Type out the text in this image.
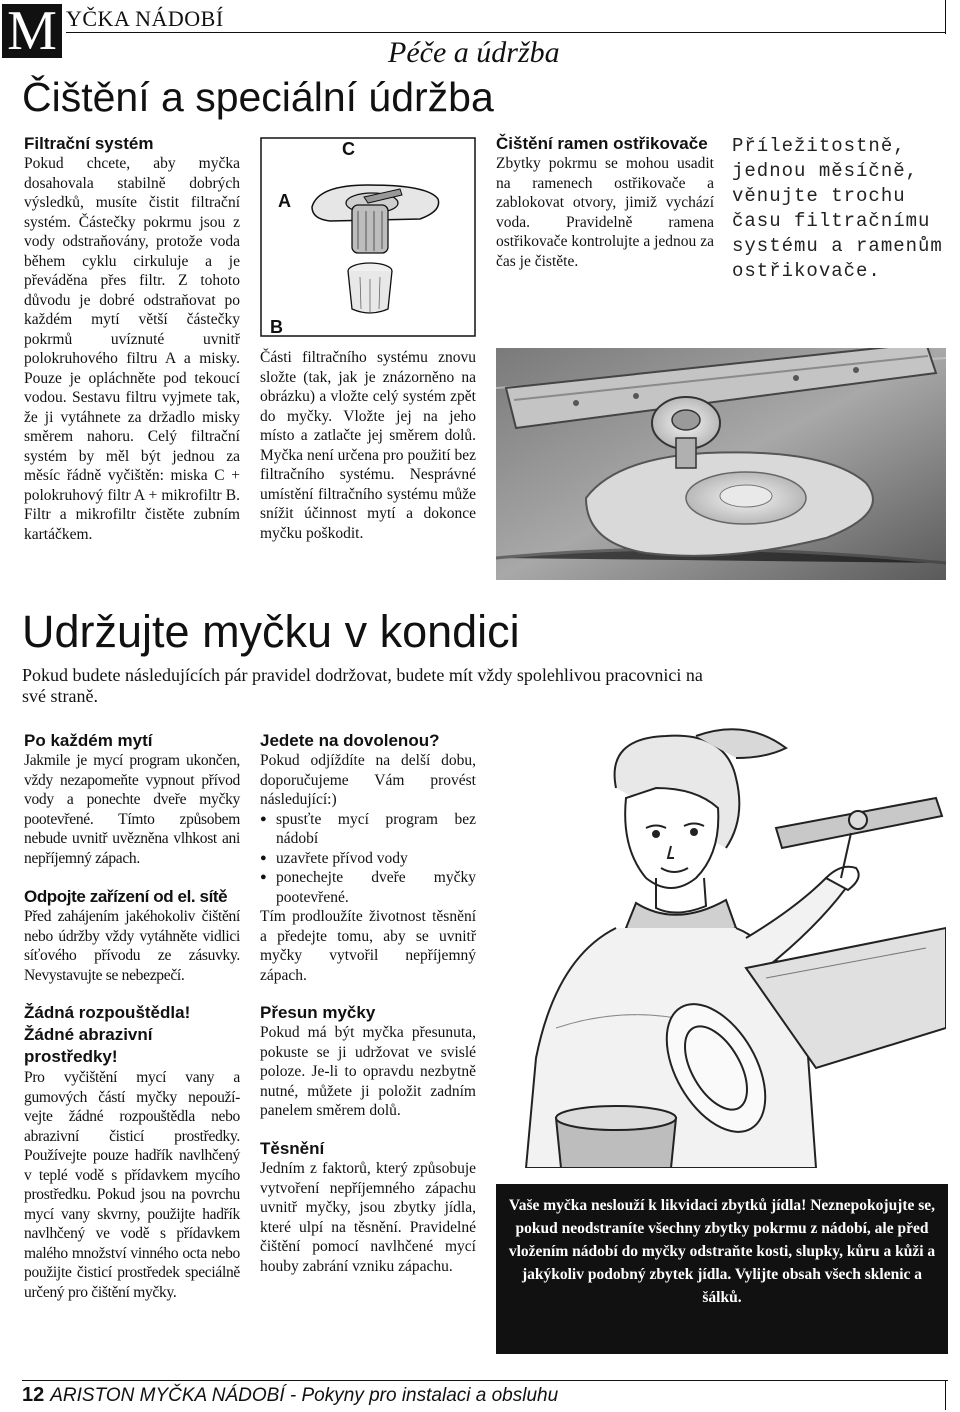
M YČKA NÁDOBÍ
Péče a údržba
Čištění a speciální údržba
Filtrační systém
Pokud chcete, aby myčka dosahovala stabilně dobrých výsledků, musíte čistit filtrační systém. Částečky pokrmu jsou z vody odstraňovány, protože voda během cyklu cirkuluje a je převáděna přes filtr. Z tohoto důvodu je dobré odstraňovat po každém mytí větší částečky pokrmů uvíznuté uvnitř polokruhového filtru A a misky. Pouze je opláchněte pod tekoucí vodou. Sestavu filtru vyjmete tak, že ji vytáhnete za držadlo misky směrem nahoru. Celý filtrační systém by měl být jednou za měsíc řádně vyčištěn: miska C + polokruhový filtr A + mikrofiltr B. Filtr a mikrofiltr čistěte zubním kartáčkem.
C
A
B
Části filtračního systému znovu složte (tak, jak je znázorněno na obrázku) a vložte celý systém zpět do myčky. Vložte jej na jeho místo a zatlačte jej směrem dolů. Myčka není určena pro použití bez filtračního systému. Nesprávné umístění filtračního systému může snížit účinnost mytí a dokonce myčku poškodit.
Čištění ramen ostřikovače
Zbytky pokrmu se mohou usadit na ramenech ostřikovače a zablokovat otvory, jimiž vychází voda. Pravidelně ramena ostřikovače kontrolujte a jednou za čas je čistěte.
Příležitostně, jednou měsíčně, věnujte trochu času filtračnímu systému a ramenům ostřikovače.
Udržujte myčku v kondici
Pokud budete následujících pár pravidel dodržovat, budete mít vždy spolehlivou pracovnici na své straně.
Po každém mytí
Jakmile je mycí program ukončen, vždy nezapomeňte vypnout přívod vody a ponechte dveře myčky pootevřené. Tímto způsobem nebude uvnitř uvězněna vlhkost ani nepříjemný zápach.
Odpojte zařízení od el. sítě
Před zahájením jakéhokoliv čištění nebo údržby vždy vytáhněte vidlici síťového přívodu ze zásuvky. Nevystavujte se nebezpečí.
Žádná rozpouštědla! Žádné abrazivní prostředky!
Pro vyčištění mycí vany a gumových částí myčky nepouží-vejte žádné rozpouštědla nebo abrazivní čisticí prostředky. Používejte pouze hadřík navlhčený v teplé vodě s přídavkem mycího prostředku. Pokud jsou na povrchu mycí vany skvrny, použijte hadřík navlhčený ve vodě s přídavkem malého množství vinného octa nebo použijte čisticí prostředek speciálně určený pro čištění myčky.
Jedete na dovolenou?
Pokud odjíždíte na delší dobu, doporučujeme Vám provést následující:)
● spusťte mycí program bez nádobí
● uzavřete přívod vody
● ponechejte dveře myčky pootevřené.
Tím prodloužíte životnost těsnění a předejte tomu, aby se uvnitř myčky vytvořil nepříjemný zápach.
Přesun myčky
Pokud má být myčka přesunuta, pokuste se ji udržovat ve svislé poloze. Je-li to opravdu nezbytně nutné, můžete ji položit zadním panelem směrem dolů.
Těsnění
Jedním z faktorů, který způsobuje vytvoření nepříjemného zápachu uvnitř myčky, jsou zbytky jídla, které ulpí na těsnění. Pravidelné čištění pomocí navlhčené mycí houby zabrání vzniku zápachu.
Vaše myčka neslouží k likvidaci zbytků jídla! Neznepokojujte se, pokud neodstraníte všechny zbytky pokrmu z nádobí, ale před vložením nádobí do myčky odstraňte kosti, slupky, kůru a kůži a jakýkoliv podobný zbytek jídla. Vylijte obsah všech sklenic a šálků.
12 ARISTON MYČKA NÁDOBÍ - Pokyny pro instalaci a obsluhu
